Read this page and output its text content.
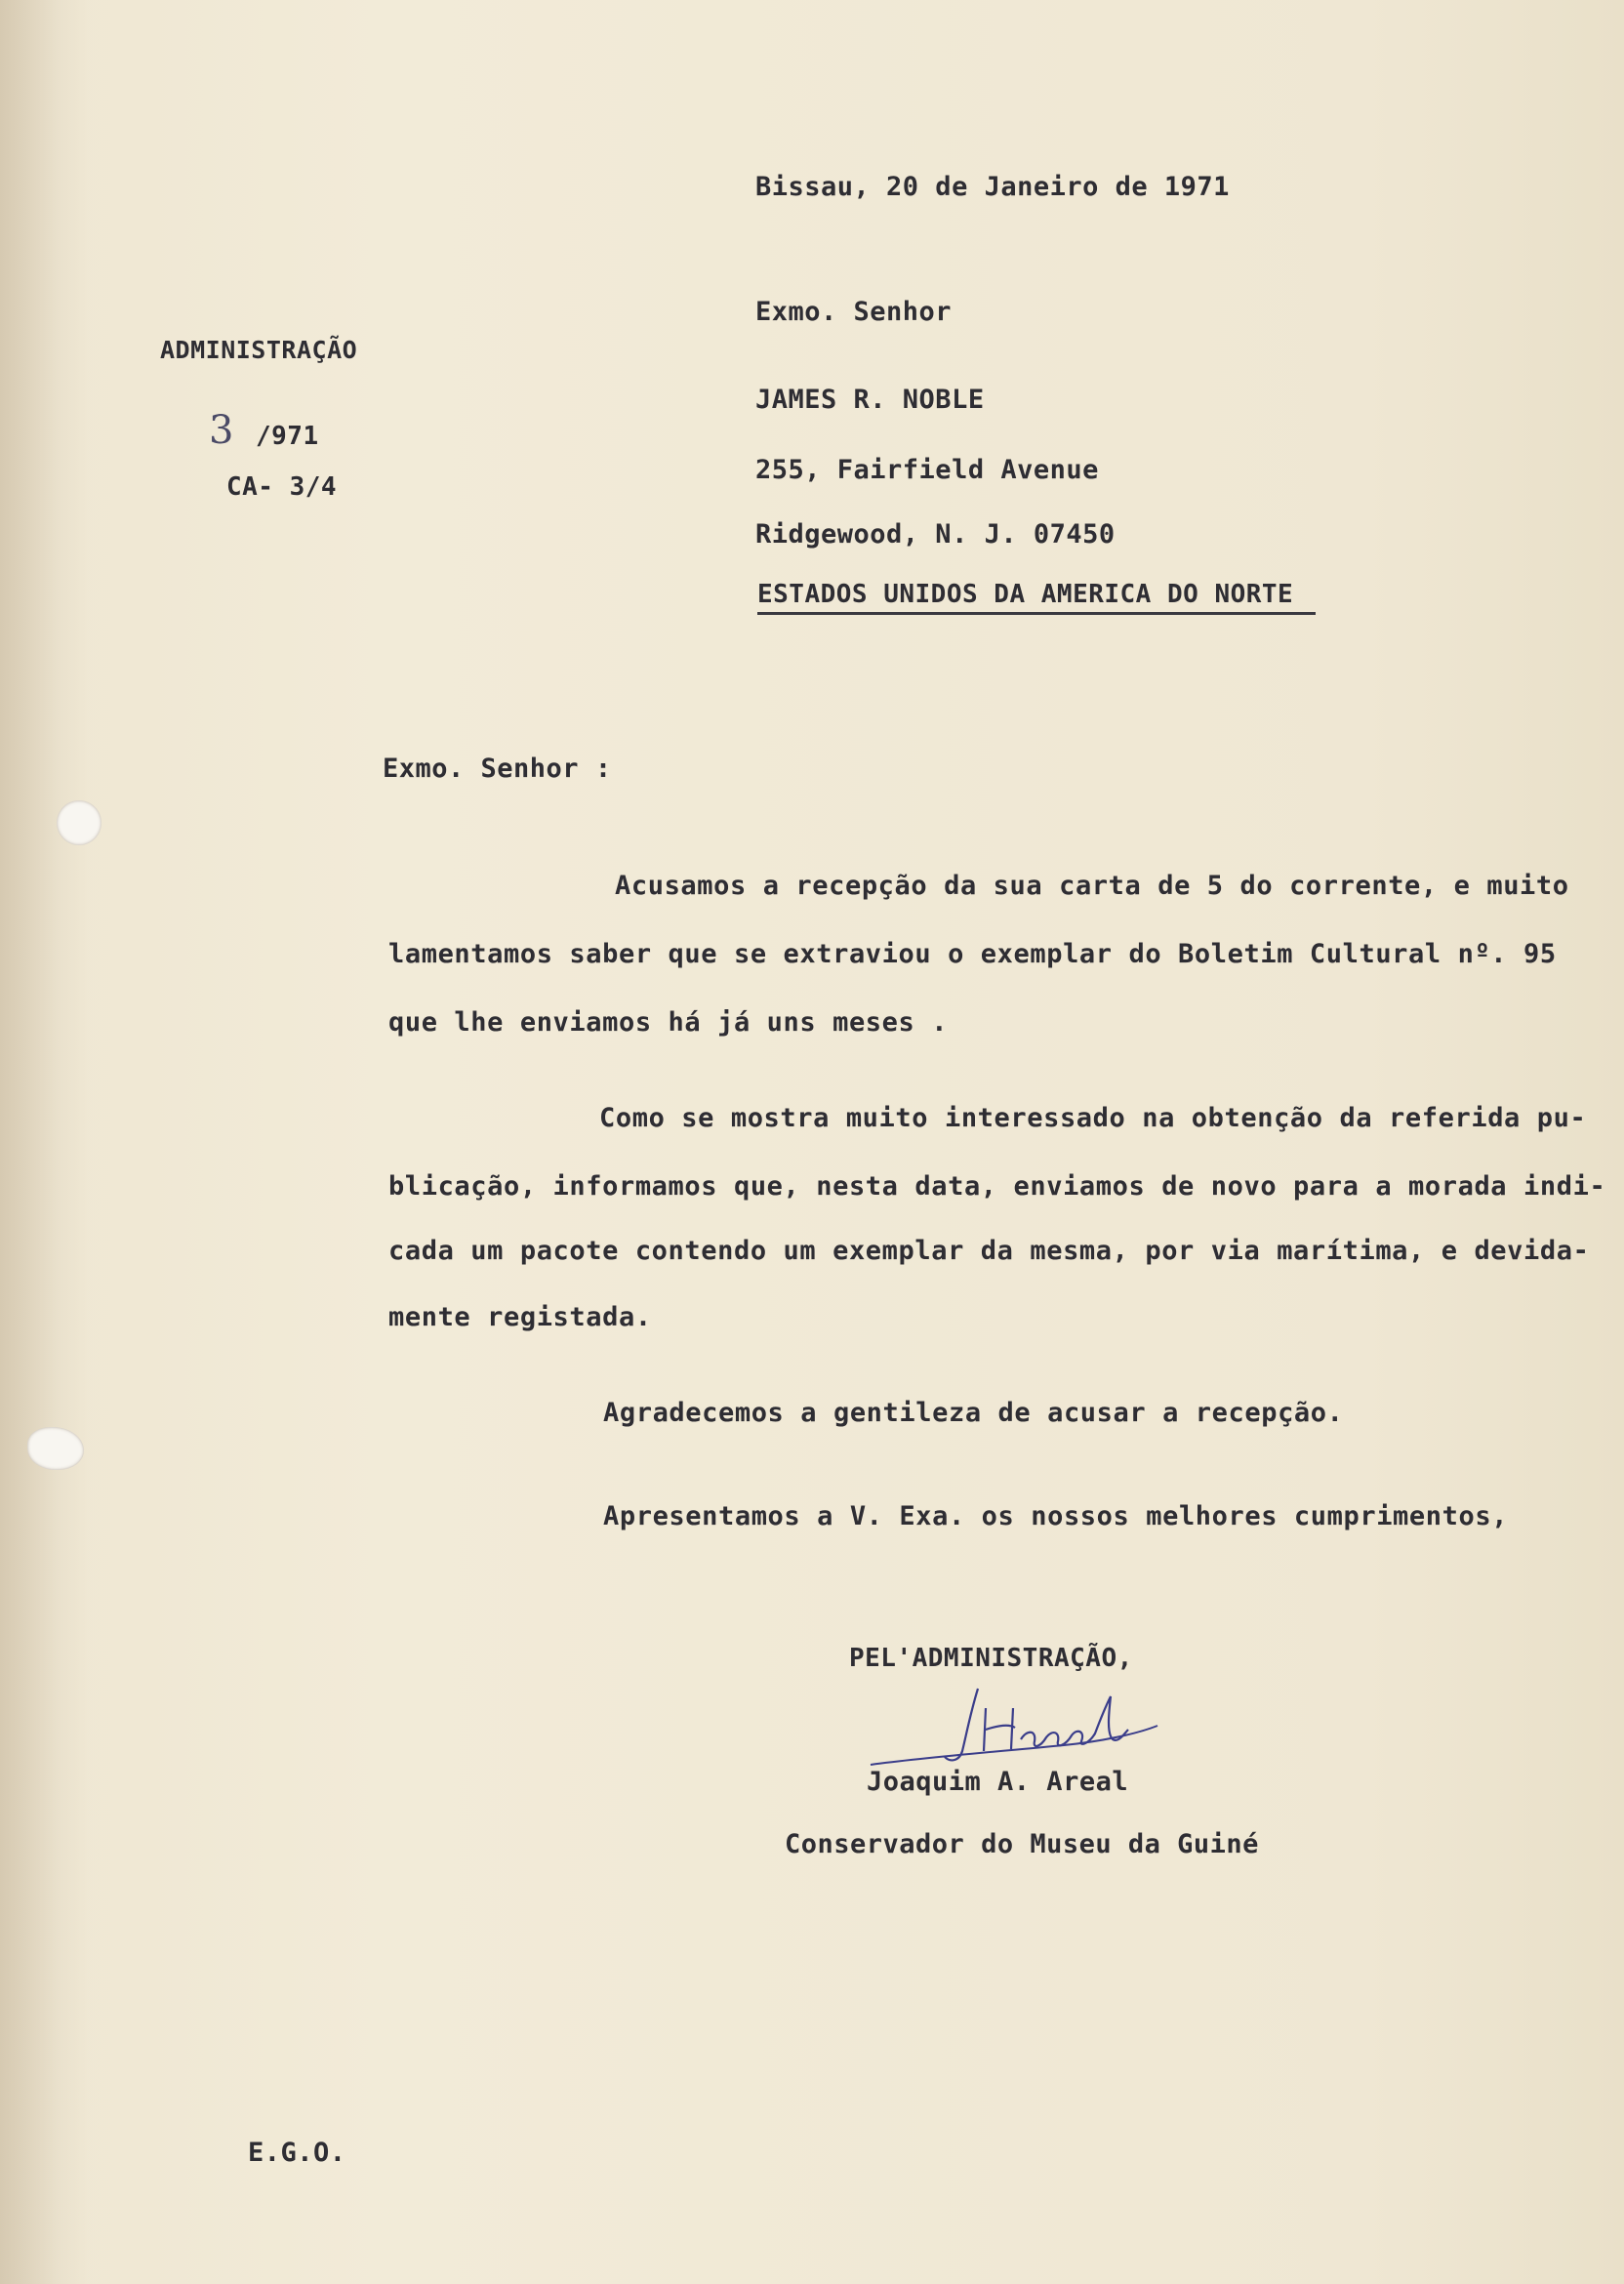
Bissau, 20 de Janeiro de 1971
ADMINISTRAÇÃO
3 /971
CA- 3/4
Exmo. Senhor
JAMES R. NOBLE
255, Fairfield Avenue
Ridgewood, N. J. 07450
ESTADOS UNIDOS DA AMERICA DO NORTE
Exmo. Senhor :
Acusamos a recepção da sua carta de 5 do corrente, e muito
lamentamos saber que se extraviou o exemplar do Boletim Cultural nº. 95
que lhe enviamos há já uns meses .
Como se mostra muito interessado na obtenção da referida pu-
blicação, informamos que, nesta data, enviamos de novo para a morada indi-
cada um pacote contendo um exemplar da mesma, por via marítima, e devida-
mente registada.
Agradecemos a gentileza de acusar a recepção.
Apresentamos a V. Exa. os nossos melhores cumprimentos,
PEL'ADMINISTRAÇÃO,
Joaquim A. Areal
Conservador do Museu da Guiné
E.G.O.
